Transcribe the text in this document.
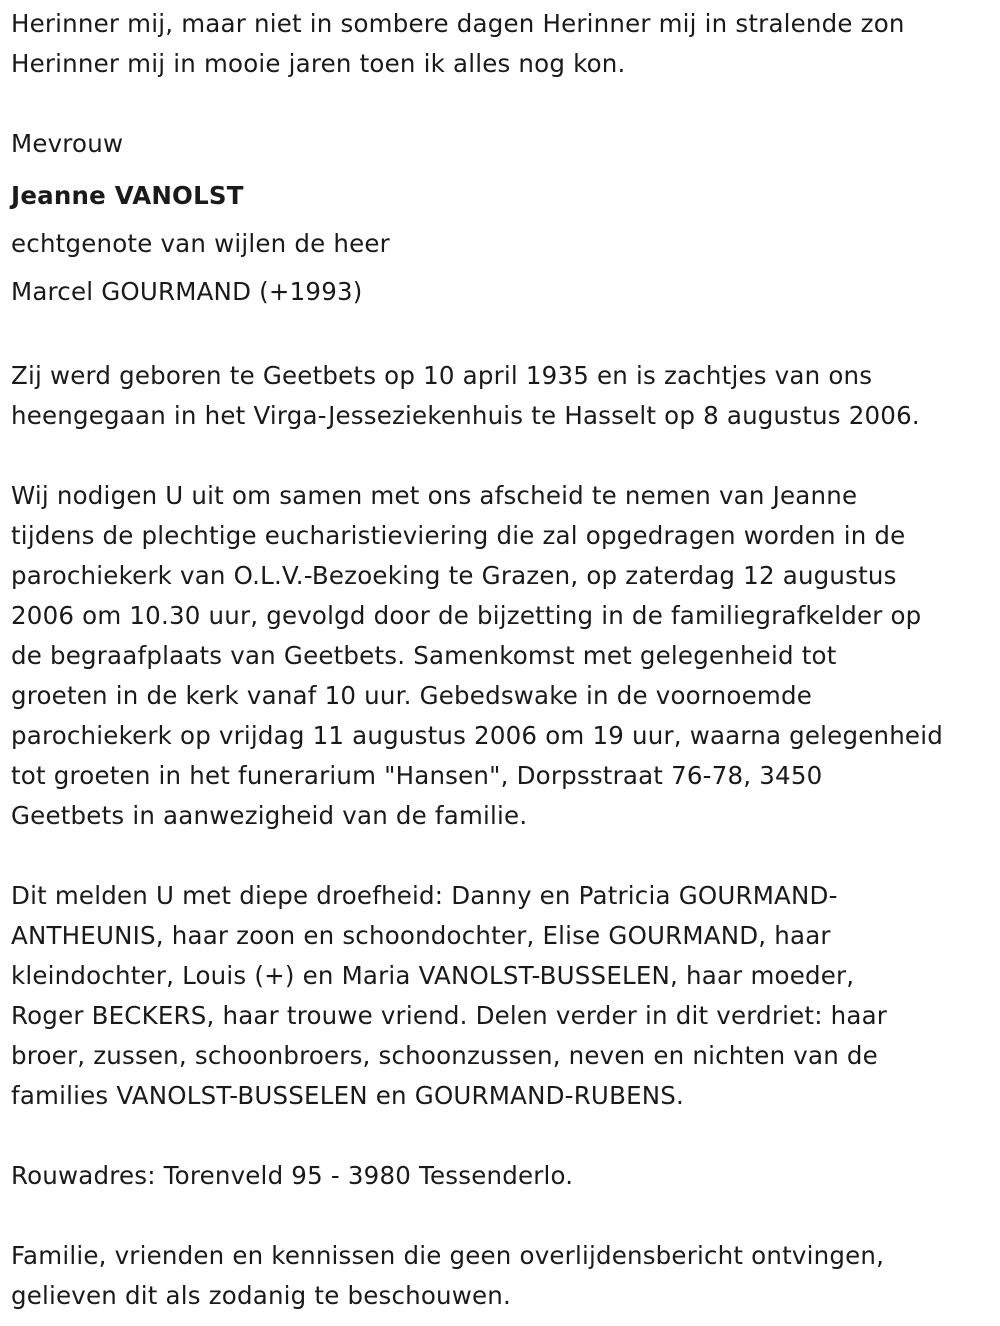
Herinner mij, maar niet in sombere dagen Herinner mij in stralende zon
Herinner mij in mooie jaren toen ik alles nog kon.
Mevrouw
Jeanne VANOLST
echtgenote van wijlen de heer
Marcel GOURMAND (+1993)
Zij werd geboren te Geetbets op 10 april 1935 en is zachtjes van ons
heengegaan in het Virga-Jesseziekenhuis te Hasselt op 8 augustus 2006.
Wij nodigen U uit om samen met ons afscheid te nemen van Jeanne
tijdens de plechtige eucharistieviering die zal opgedragen worden in de
parochiekerk van O.L.V.-Bezoeking te Grazen, op zaterdag 12 augustus
2006 om 10.30 uur, gevolgd door de bijzetting in de familiegrafkelder op
de begraafplaats van Geetbets. Samenkomst met gelegenheid tot
groeten in de kerk vanaf 10 uur. Gebedswake in de voornoemde
parochiekerk op vrijdag 11 augustus 2006 om 19 uur, waarna gelegenheid
tot groeten in het funerarium "Hansen", Dorpsstraat 76-78, 3450
Geetbets in aanwezigheid van de familie.
Dit melden U met diepe droefheid: Danny en Patricia GOURMAND-
ANTHEUNIS, haar zoon en schoondochter, Elise GOURMAND, haar
kleindochter, Louis (+) en Maria VANOLST-BUSSELEN, haar moeder,
Roger BECKERS, haar trouwe vriend. Delen verder in dit verdriet: haar
broer, zussen, schoonbroers, schoonzussen, neven en nichten van de
families VANOLST-BUSSELEN en GOURMAND-RUBENS.
Rouwadres: Torenveld 95 - 3980 Tessenderlo.
Familie, vrienden en kennissen die geen overlijdensbericht ontvingen,
gelieven dit als zodanig te beschouwen.
